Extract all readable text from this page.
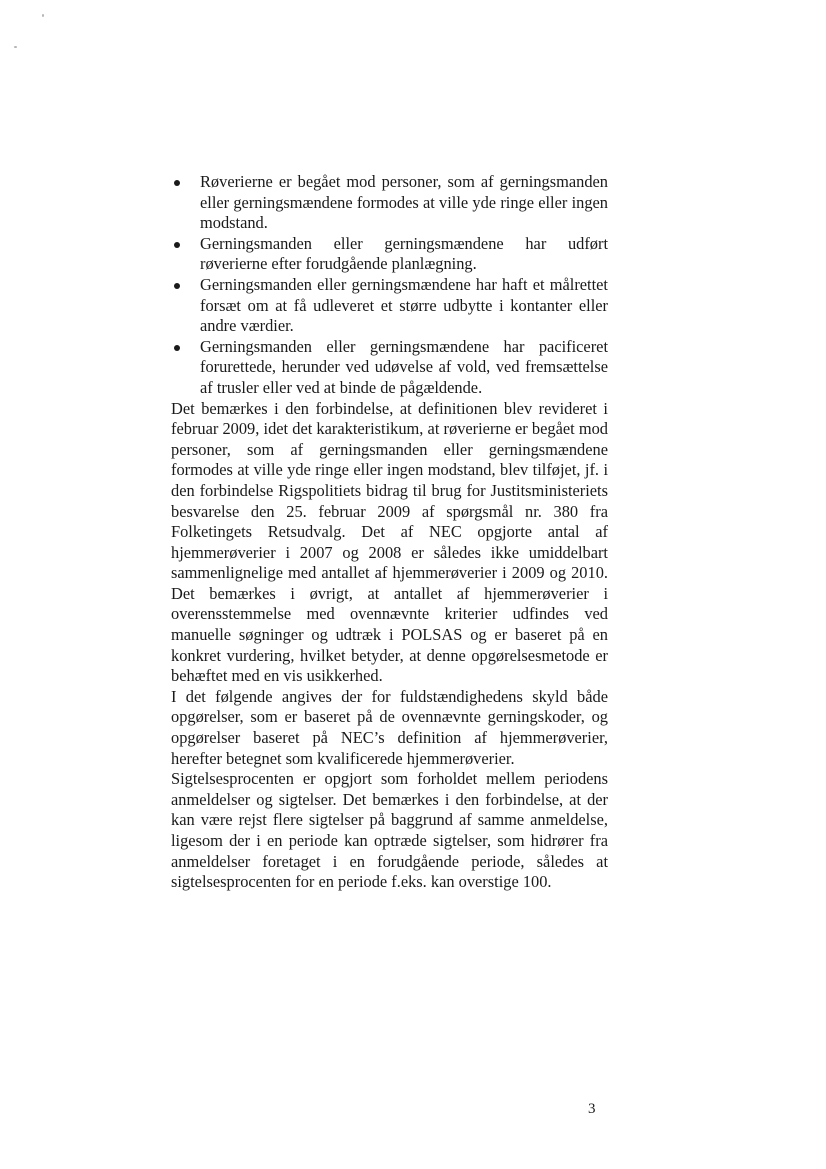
Røverierne er begået mod personer, som af gerningsmanden eller gerningsmændene formodes at ville yde ringe eller ingen modstand.
Gerningsmanden eller gerningsmændene har udført røverierne efter forudgående planlægning.
Gerningsmanden eller gerningsmændene har haft et målrettet forsæt om at få udleveret et større udbytte i kontanter eller andre værdier.
Gerningsmanden eller gerningsmændene har pacificeret forurettede, herunder ved udøvelse af vold, ved fremsættelse af trusler eller ved at binde de pågældende.

Det bemærkes i den forbindelse, at definitionen blev revideret i februar 2009, idet det karakteristikum, at røverierne er begået mod personer, som af gerningsmanden eller gerningsmændene formodes at ville yde ringe eller ingen modstand, blev tilføjet, jf. i den forbindelse Rigspolitiets bidrag til brug for Justitsministeriets besvarelse den 25. februar 2009 af spørgsmål nr. 380 fra Folketingets Retsudvalg. Det af NEC opgjorte antal af hjemmerøverier i 2007 og 2008 er således ikke umiddelbart sammenlignelige med antallet af hjemmerøverier i 2009 og 2010. Det bemærkes i øvrigt, at antallet af hjemmerøverier i overensstemmelse med ovennævnte kriterier udfindes ved manuelle søgninger og udtræk i POLSAS og er baseret på en konkret vurdering, hvilket betyder, at denne opgørelsesmetode er behæftet med en vis usikkerhed.

I det følgende angives der for fuldstændighedens skyld både opgørelser, som er baseret på de ovennævnte gerningskoder, og opgørelser baseret på NEC’s definition af hjemmerøverier, herefter betegnet som kvalificerede hjemmerøverier.

Sigtelsesprocenten er opgjort som forholdet mellem periodens anmeldelser og sigtelser. Det bemærkes i den forbindelse, at der kan være rejst flere sigtelser på baggrund af samme anmeldelse, ligesom der i en periode kan optræde sigtelser, som hidrører fra anmeldelser foretaget i en forudgående periode, således at sigtelsesprocenten for en periode f.eks. kan overstige 100.

3
